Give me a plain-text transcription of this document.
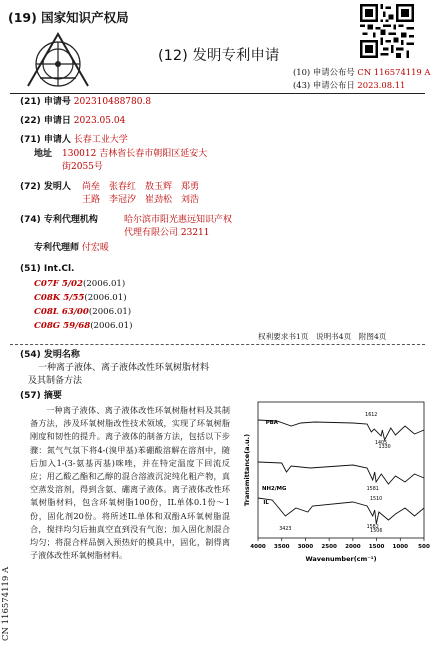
(19) 国家知识产权局
(12) 发明专利申请
(10) 申请公布号 CN 116574119 A
(43) 申请公布日 2023.08.11
(21) 申请号 202310488780.8
(22) 申请日 2023.05.04
(71) 申请人 长春工业大学
地址 130012 吉林省长春市朝阳区延安大
街2055号
(72) 发明人 尚垒　张春红　敖玉辉　郑勇
王路　李冠汐　崔劲松　刘浩
(74) 专利代理机构	哈尔滨市阳光惠远知识产权
代理有限公司 23211
专利代理师 付宏暖
(51) Int.Cl.
C07F 5/02(2006.01)
C08K 5/55(2006.01)
C08L 63/00(2006.01)
C08G 59/68(2006.01)
权利要求书1页　说明书4页　附图4页
(54) 发明名称
一种离子液体、离子液体改性环氧树脂材料
及其制备方法
(57) 摘要
一种离子液体、离子液体改性环氧树脂材料及其制备方法，涉及环氧树脂改性技术领域，实现了环氧树脂刚度和韧性的提升。离子液体的制备方法，包括以下步骤：氮气气氛下将4-(溴甲基)苯硼酸溶解在溶剂中，随后加入1-(3-氨基丙基)咪唑，并在特定温度下回流反应；用乙酸乙酯和乙醇的混合溶液沉淀纯化粗产物，真空蒸发溶剂，得到含氨、硼离子液体。离子液体改性环氧树脂材料，包含环氧树脂100份，IL单体0.1份～1份，固化剂20份。将所述IL单体和双酚A环氧树脂混合，搅拌均匀后抽真空直到没有气泡；加入固化剂混合均匀；将混合样品倒入预热好的模具中，固化，制得离子液体改性环氧树脂材料。
CN 116574119 A
Transmittance(a.u.)
Wavenumber(cm⁻¹)
4000 3500 3000 2500 2000 1500 1000 500
PBA
1612
1405
1330
NH2/MG	1581
1510
IL
3423	1582
1506
